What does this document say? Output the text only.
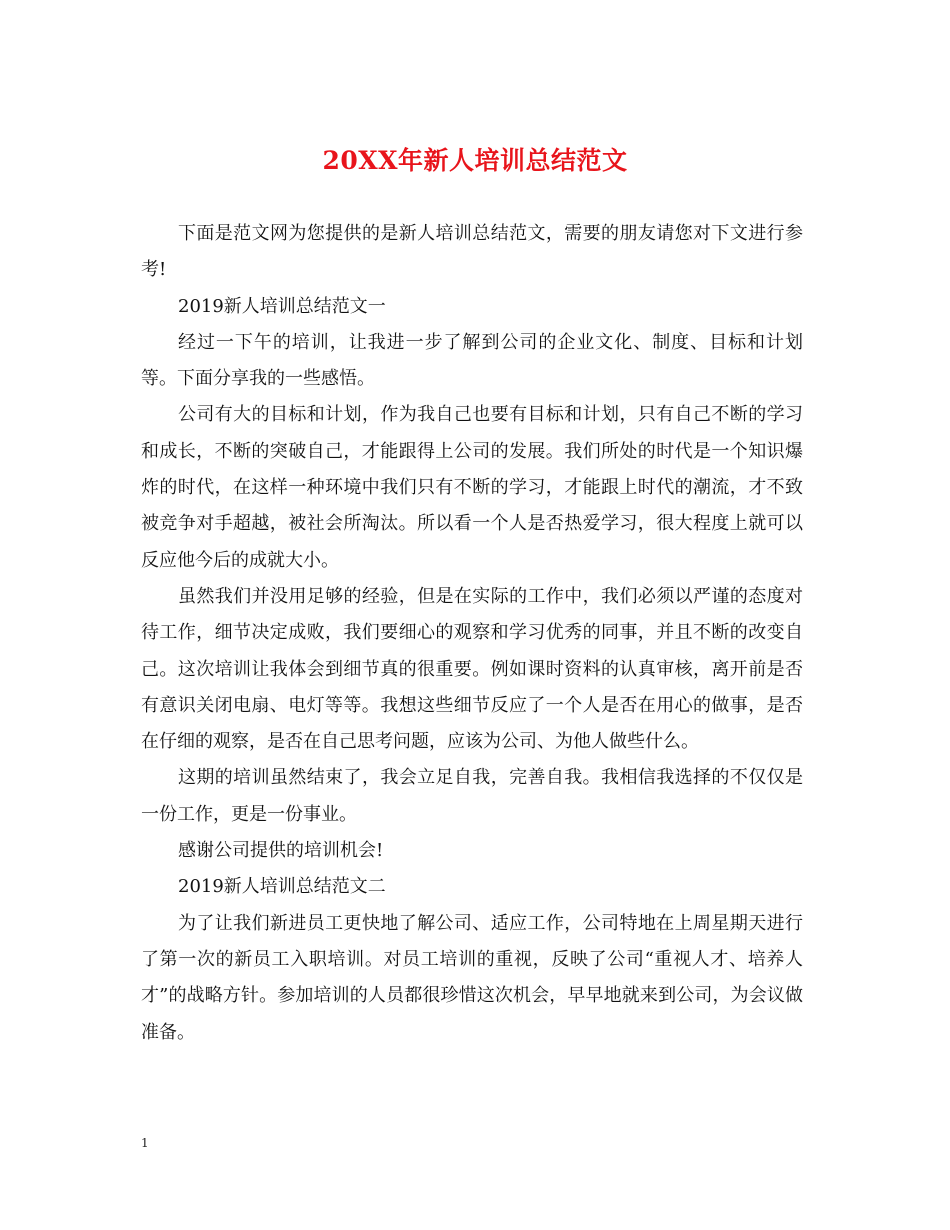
20XX年新人培训总结范文

下面是范文网为您提供的是新人培训总结范文，需要的朋友请您对下文进行参考!

2019新人培训总结范文一

经过一下午的培训，让我进一步了解到公司的企业文化、制度、目标和计划等。下面分享我的一些感悟。

公司有大的目标和计划，作为我自己也要有目标和计划，只有自己不断的学习和成长，不断的突破自己，才能跟得上公司的发展。我们所处的时代是一个知识爆炸的时代，在这样一种环境中我们只有不断的学习，才能跟上时代的潮流，才不致被竞争对手超越，被社会所淘汰。所以看一个人是否热爱学习，很大程度上就可以反应他今后的成就大小。

虽然我们并没用足够的经验，但是在实际的工作中，我们必须以严谨的态度对待工作，细节决定成败，我们要细心的观察和学习优秀的同事，并且不断的改变自己。这次培训让我体会到细节真的很重要。例如课时资料的认真审核，离开前是否有意识关闭电扇、电灯等等。我想这些细节反应了一个人是否在用心的做事，是否在仔细的观察，是否在自己思考问题，应该为公司、为他人做些什么。

这期的培训虽然结束了，我会立足自我，完善自我。我相信我选择的不仅仅是一份工作，更是一份事业。

感谢公司提供的培训机会!

2019新人培训总结范文二

为了让我们新进员工更快地了解公司、适应工作，公司特地在上周星期天进行了第一次的新员工入职培训。对员工培训的重视，反映了公司“重视人才、培养人才”的战略方针。参加培训的人员都很珍惜这次机会，早早地就来到公司，为会议做准备。

1
